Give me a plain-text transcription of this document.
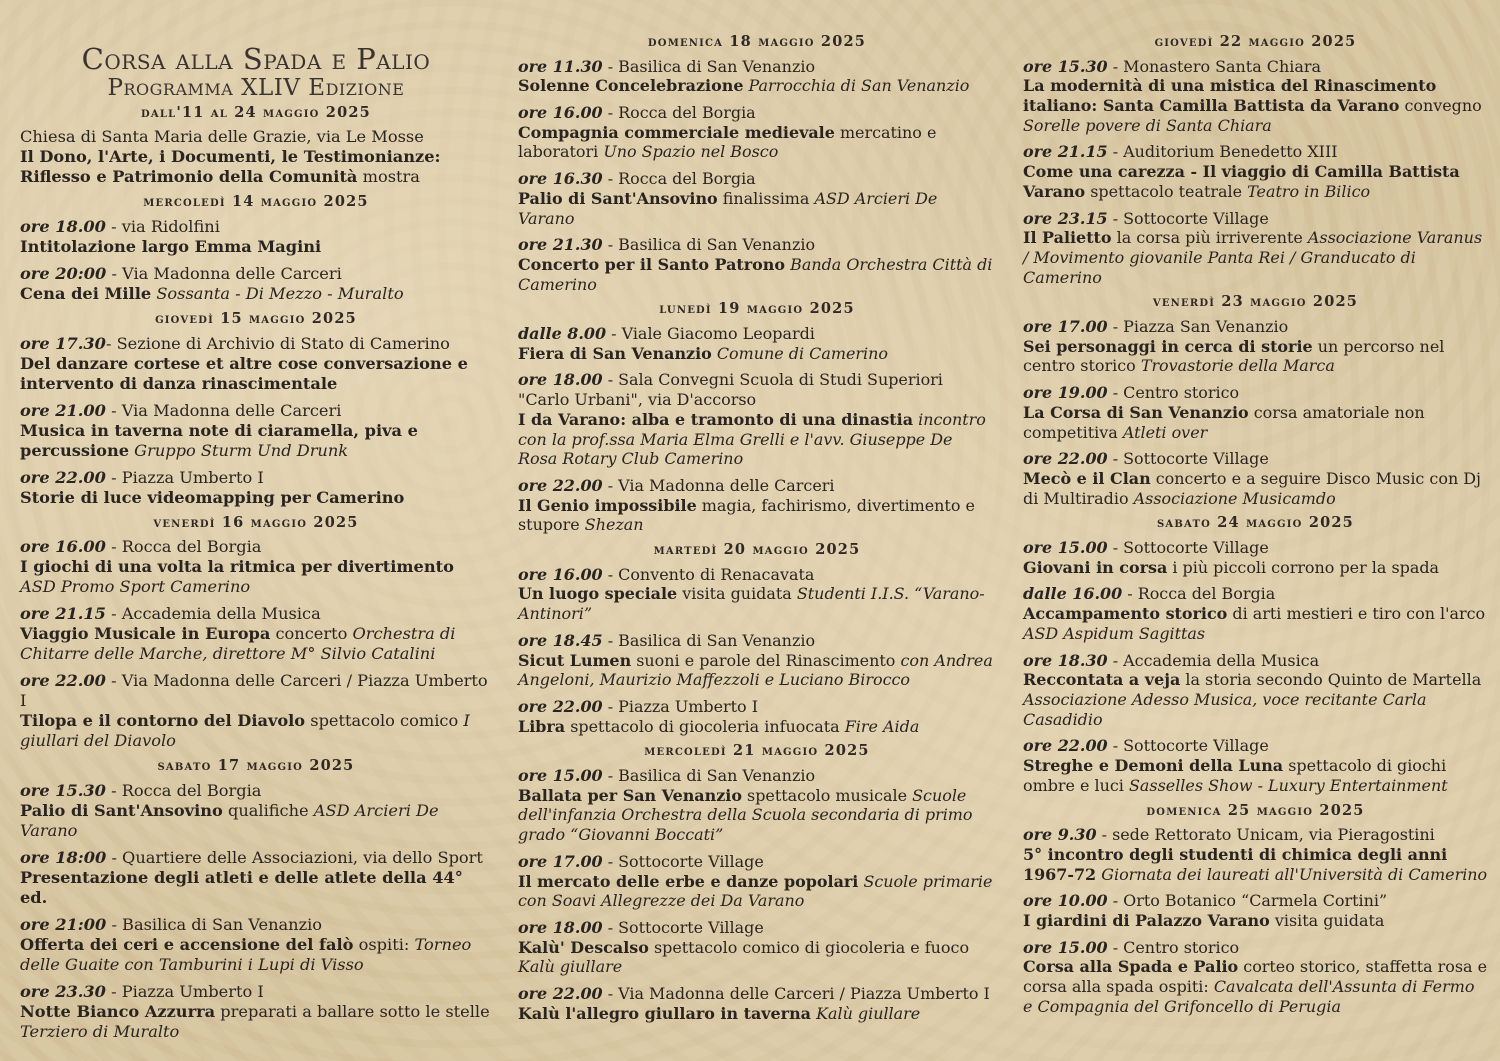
Corsa alla Spada e Palio
Programma XLIV Edizione
dall'11 al 24 maggio 2025
Chiesa di Santa Maria delle Grazie, via Le Mosse
Il Dono, l'Arte, i Documenti, le Testimonianze: Riflesso e Patrimonio della Comunità mostra
mercoledì 14 maggio 2025
ore 18.00 - via Ridolfini
Intitolazione largo Emma Magini
ore 20:00 - Via Madonna delle Carceri
Cena dei Mille Sossanta - Di Mezzo - Muralto
giovedì 15 maggio 2025
ore 17.30- Sezione di Archivio di Stato di Camerino
Del danzare cortese et altre cose conversazione e intervento di danza rinascimentale
ore 21.00 - Via Madonna delle Carceri
Musica in taverna note di ciaramella, piva e percussione Gruppo Sturm Und Drunk
ore 22.00 - Piazza Umberto I
Storie di luce videomapping per Camerino
venerdì 16 maggio 2025
ore 16.00 - Rocca del Borgia
I giochi di una volta la ritmica per divertimento ASD Promo Sport Camerino
ore 21.15 - Accademia della Musica
Viaggio Musicale in Europa concerto Orchestra di Chitarre delle Marche, direttore M° Silvio Catalini
ore 22.00 - Via Madonna delle Carceri / Piazza Umberto I
Tilopa e il contorno del Diavolo spettacolo comico I giullari del Diavolo
sabato 17 maggio 2025
ore 15.30 - Rocca del Borgia
Palio di Sant'Ansovino qualifiche ASD Arcieri De Varano
ore 18:00 - Quartiere delle Associazioni, via dello Sport
Presentazione degli atleti e delle atlete della 44° ed.
ore 21:00 - Basilica di San Venanzio
Offerta dei ceri e accensione del falò ospiti: Torneo delle Guaite con Tamburini i Lupi di Visso
ore 23.30 - Piazza Umberto I
Notte Bianco Azzurra preparati a ballare sotto le stelle Terziero di Muralto
domenica 18 maggio 2025
ore 11.30 - Basilica di San Venanzio
Solenne Concelebrazione Parrocchia di San Venanzio
ore 16.00 - Rocca del Borgia
Compagnia commerciale medievale mercatino e laboratori Uno Spazio nel Bosco
ore 16.30 - Rocca del Borgia
Palio di Sant'Ansovino finalissima ASD Arcieri De Varano
ore 21.30 - Basilica di San Venanzio
Concerto per il Santo Patrono Banda Orchestra Città di Camerino
lunedì 19 maggio 2025
dalle 8.00 - Viale Giacomo Leopardi
Fiera di San Venanzio Comune di Camerino
ore 18.00 - Sala Convegni Scuola di Studi Superiori "Carlo Urbani", via D'accorso
I da Varano: alba e tramonto di una dinastia incontro con la prof.ssa Maria Elma Grelli e l'avv. Giuseppe De Rosa Rotary Club Camerino
ore 22.00 - Via Madonna delle Carceri
Il Genio impossibile magia, fachirismo, divertimento e stupore Shezan
martedì 20 maggio 2025
ore 16.00 - Convento di Renacavata
Un luogo speciale visita guidata Studenti I.I.S. “Varano-Antinori”
ore 18.45 - Basilica di San Venanzio
Sicut Lumen suoni e parole del Rinascimento con Andrea Angeloni, Maurizio Maffezzoli e Luciano Birocco
ore 22.00 - Piazza Umberto I
Libra spettacolo di giocoleria infuocata Fire Aida
mercoledì 21 maggio 2025
ore 15.00 - Basilica di San Venanzio
Ballata per San Venanzio spettacolo musicale Scuole dell'infanzia Orchestra della Scuola secondaria di primo grado “Giovanni Boccati”
ore 17.00 - Sottocorte Village
Il mercato delle erbe e danze popolari Scuole primarie con Soavi Allegrezze dei Da Varano
ore 18.00 - Sottocorte Village
Kalù' Descalso spettacolo comico di giocoleria e fuoco Kalù giullare
ore 22.00 - Via Madonna delle Carceri / Piazza Umberto I
Kalù l'allegro giullaro in taverna Kalù giullare
giovedì 22 maggio 2025
ore 15.30 - Monastero Santa Chiara
La modernità di una mistica del Rinascimento italiano: Santa Camilla Battista da Varano convegno Sorelle povere di Santa Chiara
ore 21.15 - Auditorium Benedetto XIII
Come una carezza - Il viaggio di Camilla Battista Varano spettacolo teatrale Teatro in Bilico
ore 23.15 - Sottocorte Village
Il Palietto la corsa più irriverente Associazione Varanus / Movimento giovanile Panta Rei / Granducato di Camerino
venerdì 23 maggio 2025
ore 17.00 - Piazza San Venanzio
Sei personaggi in cerca di storie un percorso nel centro storico Trovastorie della Marca
ore 19.00 - Centro storico
La Corsa di San Venanzio corsa amatoriale non competitiva Atleti over
ore 22.00 - Sottocorte Village
Mecò e il Clan concerto e a seguire Disco Music con Dj di Multiradio Associazione Musicamdo
sabato 24 maggio 2025
ore 15.00 - Sottocorte Village
Giovani in corsa i più piccoli corrono per la spada
dalle 16.00 - Rocca del Borgia
Accampamento storico di arti mestieri e tiro con l'arco ASD Aspidum Sagittas
ore 18.30 - Accademia della Musica
Reccontata a veja la storia secondo Quinto de Martella Associazione Adesso Musica, voce recitante Carla Casadidio
ore 22.00 - Sottocorte Village
Streghe e Demoni della Luna spettacolo di giochi ombre e luci Sasselles Show - Luxury Entertainment
domenica 25 maggio 2025
ore 9.30 - sede Rettorato Unicam, via Pieragostini
5° incontro degli studenti di chimica degli anni 1967-72 Giornata dei laureati all'Università di Camerino
ore 10.00 - Orto Botanico “Carmela Cortini”
I giardini di Palazzo Varano visita guidata
ore 15.00 - Centro storico
Corsa alla Spada e Palio corteo storico, staffetta rosa e corsa alla spada ospiti: Cavalcata dell'Assunta di Fermo e Compagnia del Grifoncello di Perugia
